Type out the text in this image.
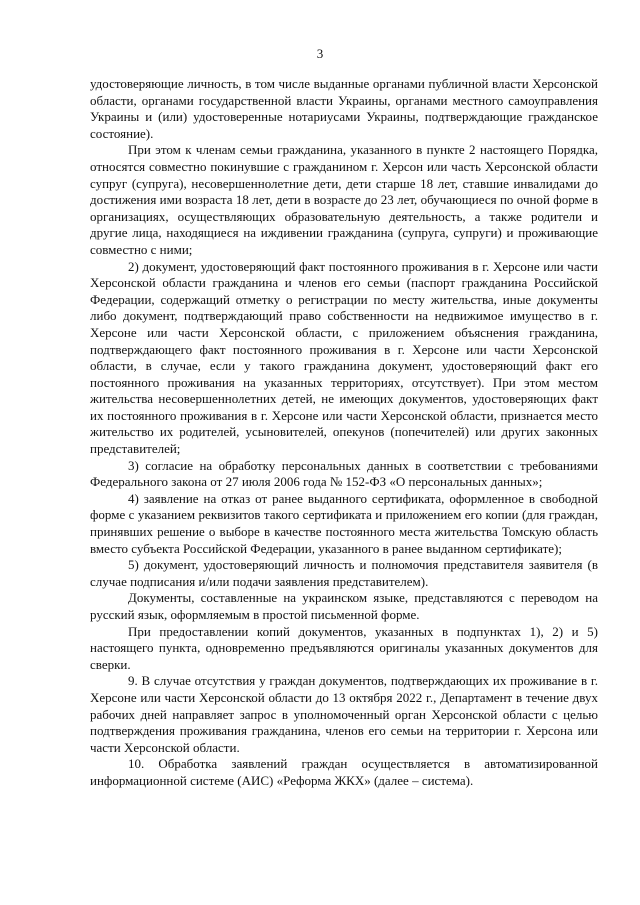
3

удостоверяющие личность, в том числе выданные органами публичной власти Херсонской области, органами государственной власти Украины, органами местного самоуправления Украины и (или) удостоверенные нотариусами Украины, подтверждающие гражданское состояние).

При этом к членам семьи гражданина, указанного в пункте 2 настоящего Порядка, относятся совместно покинувшие с гражданином г. Херсон или часть Херсонской области супруг (супруга), несовершеннолетние дети, дети старше 18 лет, ставшие инвалидами до достижения ими возраста 18 лет, дети в возрасте до 23 лет, обучающиеся по очной форме в организациях, осуществляющих образовательную деятельность, а также родители и другие лица, находящиеся на иждивении гражданина (супруга, супруги) и проживающие совместно с ними;

2) документ, удостоверяющий факт постоянного проживания в г. Херсоне или части Херсонской области гражданина и членов его семьи (паспорт гражданина Российской Федерации, содержащий отметку о регистрации по месту жительства, иные документы либо документ, подтверждающий право собственности на недвижимое имущество в г. Херсоне или части Херсонской области, с приложением объяснения гражданина, подтверждающего факт постоянного проживания в г. Херсоне или части Херсонской области, в случае, если у такого гражданина документ, удостоверяющий факт его постоянного проживания на указанных территориях, отсутствует). При этом местом жительства несовершеннолетних детей, не имеющих документов, удостоверяющих факт их постоянного проживания в г. Херсоне или части Херсонской области, признается место жительство их родителей, усыновителей, опекунов (попечителей) или других законных представителей;

3) согласие на обработку персональных данных в соответствии с требованиями Федерального закона от 27 июля 2006 года № 152-ФЗ «О персональных данных»;

4) заявление на отказ от ранее выданного сертификата, оформленное в свободной форме с указанием реквизитов такого сертификата и приложением его копии (для граждан, принявших решение о выборе в качестве постоянного места жительства Томскую область вместо субъекта Российской Федерации, указанного в ранее выданном сертификате);

5) документ, удостоверяющий личность и полномочия представителя заявителя (в случае подписания и/или подачи заявления представителем).

Документы, составленные на украинском языке, представляются с переводом на русский язык, оформляемым в простой письменной форме.

При предоставлении копий документов, указанных в подпунктах 1), 2) и 5) настоящего пункта, одновременно предъявляются оригиналы указанных документов для сверки.

9. В случае отсутствия у граждан документов, подтверждающих их проживание в г. Херсоне или части Херсонской области до 13 октября 2022 г., Департамент в течение двух рабочих дней направляет запрос в уполномоченный орган Херсонской области с целью подтверждения проживания гражданина, членов его семьи на территории г. Херсона или части Херсонской области.

10. Обработка заявлений граждан осуществляется в автоматизированной информационной системе (АИС) «Реформа ЖКХ» (далее – система).
